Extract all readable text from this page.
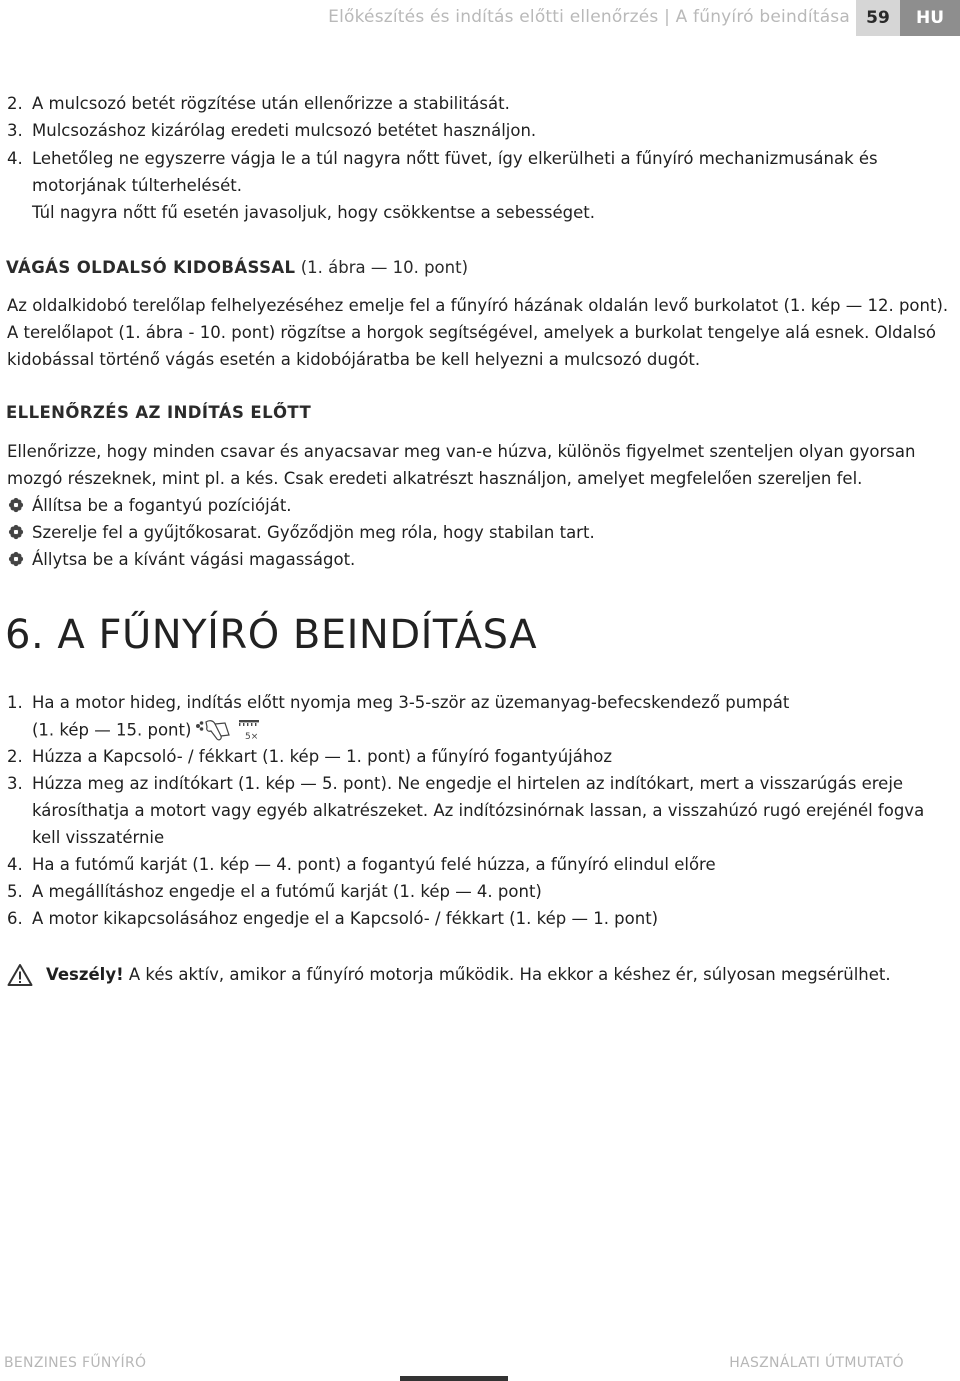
Előkészítés és indítás előtti ellenőrzés | A fűnyíró beindítása 59	HU
2. A mulcsozó betét rögzítése után ellenőrizze a stabilitását.
3. Mulcsozáshoz kizárólag eredeti mulcsozó betétet használjon.
4. Lehetőleg ne egyszerre vágja le a túl nagyra nőtt füvet, így elkerülheti a fűnyíró mechanizmusának és
motorjának túlterhelését.
Túl nagyra nőtt fű esetén javasoljuk, hogy csökkentse a sebességet.
VÁGÁS OLDALSÓ KIDOBÁSSAL (1. ábra — 10. pont)
Az oldalkidobó terelőlap felhelyezéséhez emelje fel a fűnyíró házának oldalán levő burkolatot (1. kép — 12. pont).
A terelőlapot (1. ábra - 10. pont) rögzítse a horgok segítségével, amelyek a burkolat tengelye alá esnek. Oldalsó
kidobással történő vágás esetén a kidobójáratba be kell helyezni a mulcsozó dugót.
ELLENŐRZÉS AZ INDÍTÁS ELŐTT
Ellenőrizze, hogy minden csavar és anyacsavar meg van-e húzva, különös figyelmet szenteljen olyan gyorsan
mozgó részeknek, mint pl. a kés. Csak eredeti alkatrészt használjon, amelyet megfelelően szereljen fel.
Állítsa be a fogantyú pozícióját.
Szerelje fel a gyűjtőkosarat. Győződjön meg róla, hogy stabilan tart.
Állytsa be a kívánt vágási magasságot.
6. A FŰNYÍRÓ BEINDÍTÁSA
1. Ha a motor hideg, indítás előtt nyomja meg 3-5-ször az üzemanyag-befecskendező pumpát
(1. kép — 15. pont)	5×
2. Húzza a Kapcsoló- / fékkart (1. kép — 1. pont) a fűnyíró fogantyújához
3. Húzza meg az indítókart (1. kép — 5. pont). Ne engedje el hirtelen az indítókart, mert a visszarúgás ereje
károsíthatja a motort vagy egyéb alkatrészeket. Az indítózsinórnak lassan, a visszahúzó rugó erejénél fogva
kell visszatérnie
4. Ha a futómű karját (1. kép — 4. pont) a fogantyú felé húzza, a fűnyíró elindul előre
5. A megállításhoz engedje el a futómű karját (1. kép — 4. pont)
6. A motor kikapcsolásához engedje el a Kapcsoló- / fékkart (1. kép — 1. pont)
Veszély! A kés aktív, amikor a fűnyíró motorja működik. Ha ekkor a késhez ér, súlyosan megsérülhet.
BENZINES FŰNYÍRÓ	HASZNÁLATI ÚTMUTATÓ
